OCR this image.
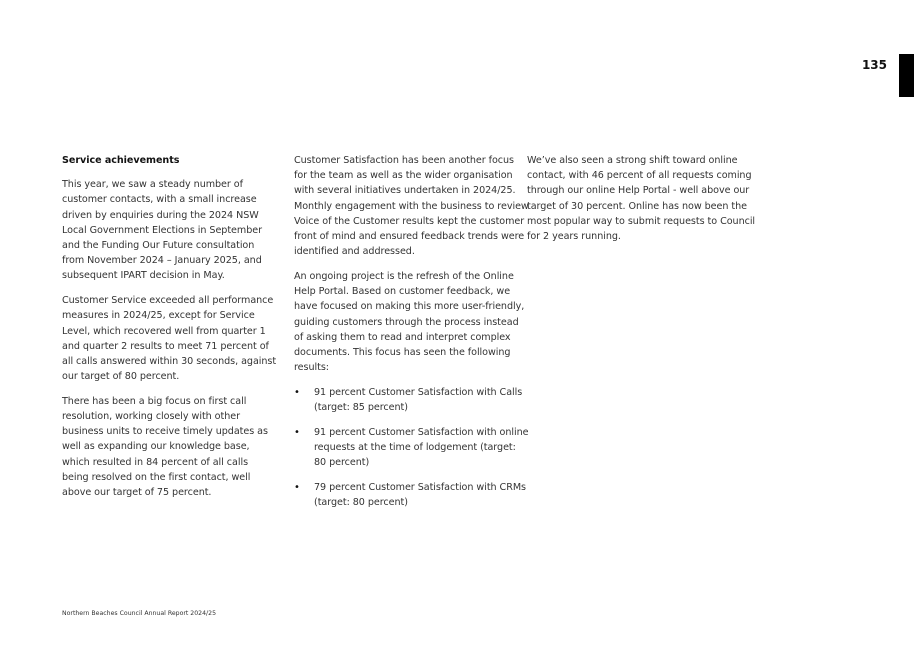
135
Service achievements

This year, we saw a steady number of customer contacts, with a small increase driven by enquiries during the 2024 NSW Local Government Elections in September and the Funding Our Future consultation from November 2024 – January 2025, and subsequent IPART decision in May.

Customer Service exceeded all performance measures in 2024/25, except for Service Level, which recovered well from quarter 1 and quarter 2 results to meet 71 percent of all calls answered within 30 seconds, against our target of 80 percent.

There has been a big focus on first call resolution, working closely with other business units to receive timely updates as well as expanding our knowledge base, which resulted in 84 percent of all calls being resolved on the first contact, well above our target of 75 percent.

Customer Satisfaction has been another focus for the team as well as the wider organisation with several initiatives undertaken in 2024/25. Monthly engagement with the business to review Voice of the Customer results kept the customer front of mind and ensured feedback trends were identified and addressed.

An ongoing project is the refresh of the Online Help Portal. Based on customer feedback, we have focused on making this more user-friendly, guiding customers through the process instead of asking them to read and interpret complex documents. This focus has seen the following results:

• 91 percent Customer Satisfaction with Calls (target: 85 percent)
• 91 percent Customer Satisfaction with online requests at the time of lodgement (target: 80 percent)
• 79 percent Customer Satisfaction with CRMs (target: 80 percent)

We’ve also seen a strong shift toward online contact, with 46 percent of all requests coming through our online Help Portal - well above our target of 30 percent. Online has now been the most popular way to submit requests to Council for 2 years running.

Northern Beaches Council Annual Report 2024/25
